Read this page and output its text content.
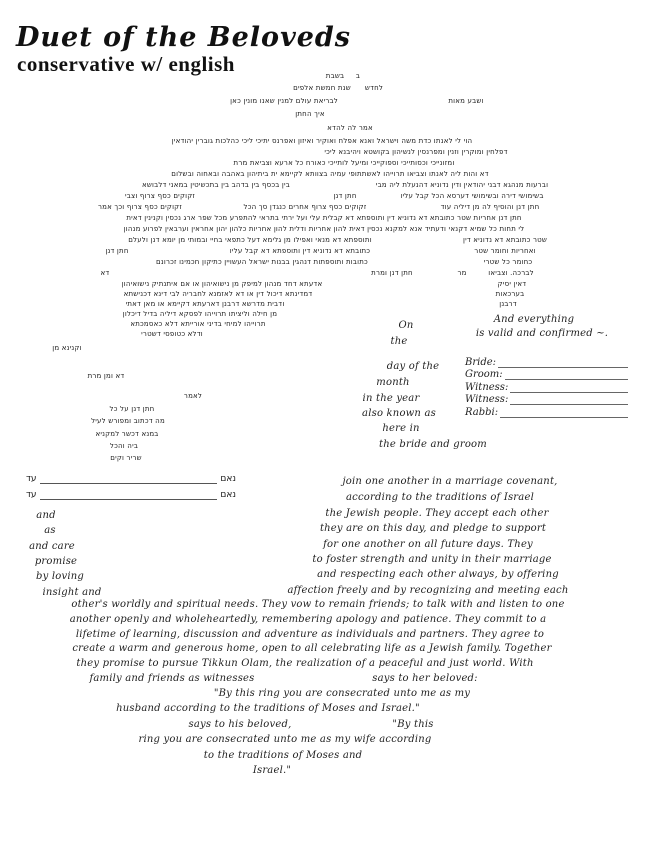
Duet of the Beloveds
conservative w/ english	ב
בשבת
לחדש
שנת חמשת אלפים
ושבע מאות
לבריאת עולם למנין שאנו מונין כאן
איך החתן
אמר לה להדא
הוי לי לאנתו כדת משה וישראל ואנא אפלח ואוקיר ואיזון ואפרנס יתיכי ליכי כהלכות גוברין יהודאין
דפלחין ומוקרין וזנין ומפרנסין לנשיהון בקושטא ויהיבנא ליכי
ומזונייכי וכסותייכי וספוקייכי ומיעל לותייכי כאורח כל ארעא וצביאת מרת
דא והות ליה לאנתו וצביאו תרוייהו לאשתתופי עמיה בצוותא לקיימא ית ביתיהון באהבה ובאחוה ובשלום
וברעות מנהגא דבני יהודאין ודין נדוניא דהנעלת ליה מבי
בין בכסף בין בדהב בין בתכשיטין במאני דלבושא
בשימושי דירה ובשימושי דערסא הכל קבל עליו
חתן דנן
זקוקים כסף צרוף וצבי
חתן דנן והוסיף לה מן דיליה עוד
זקוקים כסף צרוף אחרים כנגדן סך הכל
זקוקים כסף צרוף וכך אמר
חתן דנן אחריות שטר כתובתא דא נדוניא דין ותוספתא דא קבלית עלי ועל ירתי בתראי להתפרע מכל שפר ארג נכסין וקנינין דאית
לי תחות כל שמיא דקנאי ודעתיד אנא למקנא נכסין דאית להון אחריות ודלית להון אחריות כלהון יהון אחראין וערבאין לפרוע מנהון
שטר כתובתא דא נדוניא דין
ותוספתא דא מנאי ואפילו מן גלימא דעל כתפאי בחיי ובמותי מן יומא דנן ולעלם
ואחריות וחומר שטר
כתובתא דא נדוניא דין ותוספתא דא קבל עליו
חתן דנן
כחומר כל שטרי
כתובות ותוספתות דנהגין בבנות ישראל העשויין כתיקון חכמינו זכרונם
לברכה. וצביאו
מר
חתן דנן ומרת
דא
דאין יסיק
אדעתא דחד מנהון למיפק מן נישואיהון או אם איתנתיק נישואיהון
בערכאות
דמדינתא דיכול דין או דא לאזמנא לחבריה לבי דינא דכנישתא
דרבנן
ודבית מדרשא דרבנן דארעתא דקיימא או מאן דאתי
מן חילה וליציתו תרוייהו לפסקא דיליה בדיל דיכלון
תרוייהו למיחי בדיני אורייתא דלא כאסמכתא
ודלא כטופסי דשטרי
וקנינא מן
דא ומן מרת
לאמר
חתן דנן על כל
מה דכתוב ומפורש לעיל
במנא דכשר למקניא
ביה והכל
שריר וקים
On
the
And everything
is valid and confirmed ~.
day of the
month
in the year
also known as
here in
the bride and groom
join one another in a marriage covenant,
according to the traditions of Israel
the Jewish people. They accept each other
they are on this day, and pledge to support
for one another on all future days. They
to foster strength and unity in their marriage
and respecting each other always, by offering
affection freely and by recognizing and meeting each
other's worldly and spiritual needs. They vow to remain friends; to talk with and listen to one
another openly and wholeheartedly, remembering apology and patience. They commit to a
lifetime of learning, discussion and adventure as individuals and partners. They agree to
create a warm and generous home, open to all celebrating life as a Jewish family. Together
they promise to pursue Tikkun Olam, the realization of a peaceful and just world. With
family and friends as witnesses	says to her beloved:
"By this ring you are consecrated unto me as my
husband according to the traditions of Moses and Israel."
says to his beloved,	"By this
ring you are consecrated unto me as my wife according
to the traditions of Moses and
Israel."
and
as
and care
promise
by loving
insight and
Bride:
Groom:
Witness:
Witness:
Rabbi:
עד	נאם
עד	נאם
